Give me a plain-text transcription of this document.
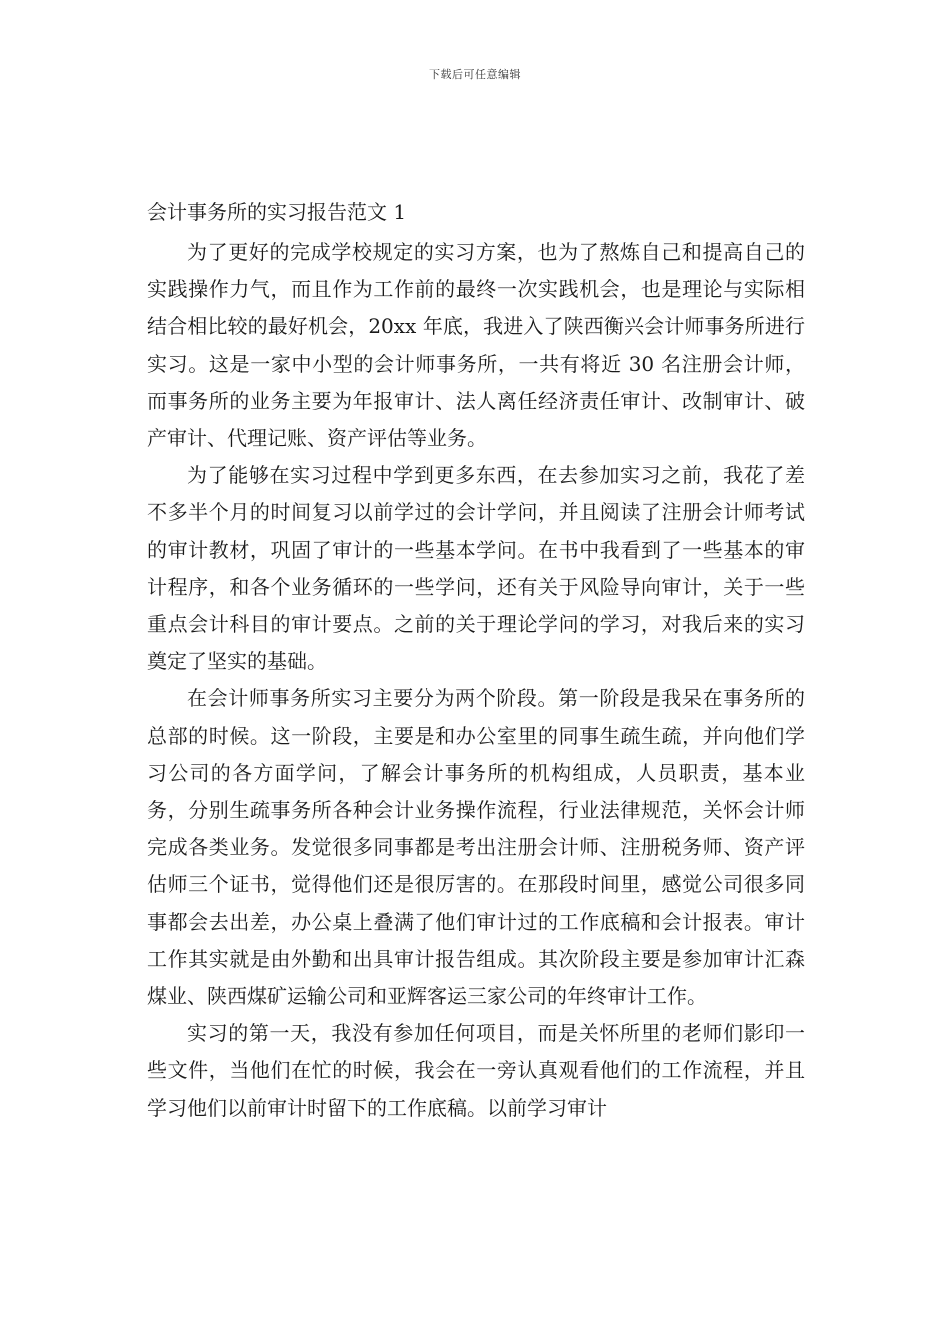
下载后可任意编辑
会计事务所的实习报告范文 1

为了更好的完成学校规定的实习方案，也为了熬炼自己和提高自己的实践操作力气，而且作为工作前的最终一次实践机会，也是理论与实际相结合相比较的最好机会，20xx 年底，我进入了陕西衡兴会计师事务所进行实习。这是一家中小型的会计师事务所，一共有将近 30 名注册会计师，而事务所的业务主要为年报审计、法人离任经济责任审计、改制审计、破产审计、代理记账、资产评估等业务。

为了能够在实习过程中学到更多东西，在去参加实习之前，我花了差不多半个月的时间复习以前学过的会计学问，并且阅读了注册会计师考试的审计教材，巩固了审计的一些基本学问。在书中我看到了一些基本的审计程序，和各个业务循环的一些学问，还有关于风险导向审计，关于一些重点会计科目的审计要点。之前的关于理论学问的学习，对我后来的实习奠定了坚实的基础。

在会计师事务所实习主要分为两个阶段。第一阶段是我呆在事务所的总部的时候。这一阶段，主要是和办公室里的同事生疏生疏，并向他们学习公司的各方面学问，了解会计事务所的机构组成，人员职责，基本业务，分别生疏事务所各种会计业务操作流程，行业法律规范，关怀会计师完成各类业务。发觉很多同事都是考出注册会计师、注册税务师、资产评估师三个证书，觉得他们还是很厉害的。在那段时间里，感觉公司很多同事都会去出差，办公桌上叠满了他们审计过的工作底稿和会计报表。审计工作其实就是由外勤和出具审计报告组成。其次阶段主要是参加审计汇森煤业、陕西煤矿运输公司和亚辉客运三家公司的年终审计工作。

实习的第一天，我没有参加任何项目，而是关怀所里的老师们影印一些文件，当他们在忙的时候，我会在一旁认真观看他们的工作流程，并且学习他们以前审计时留下的工作底稿。以前学习审计
